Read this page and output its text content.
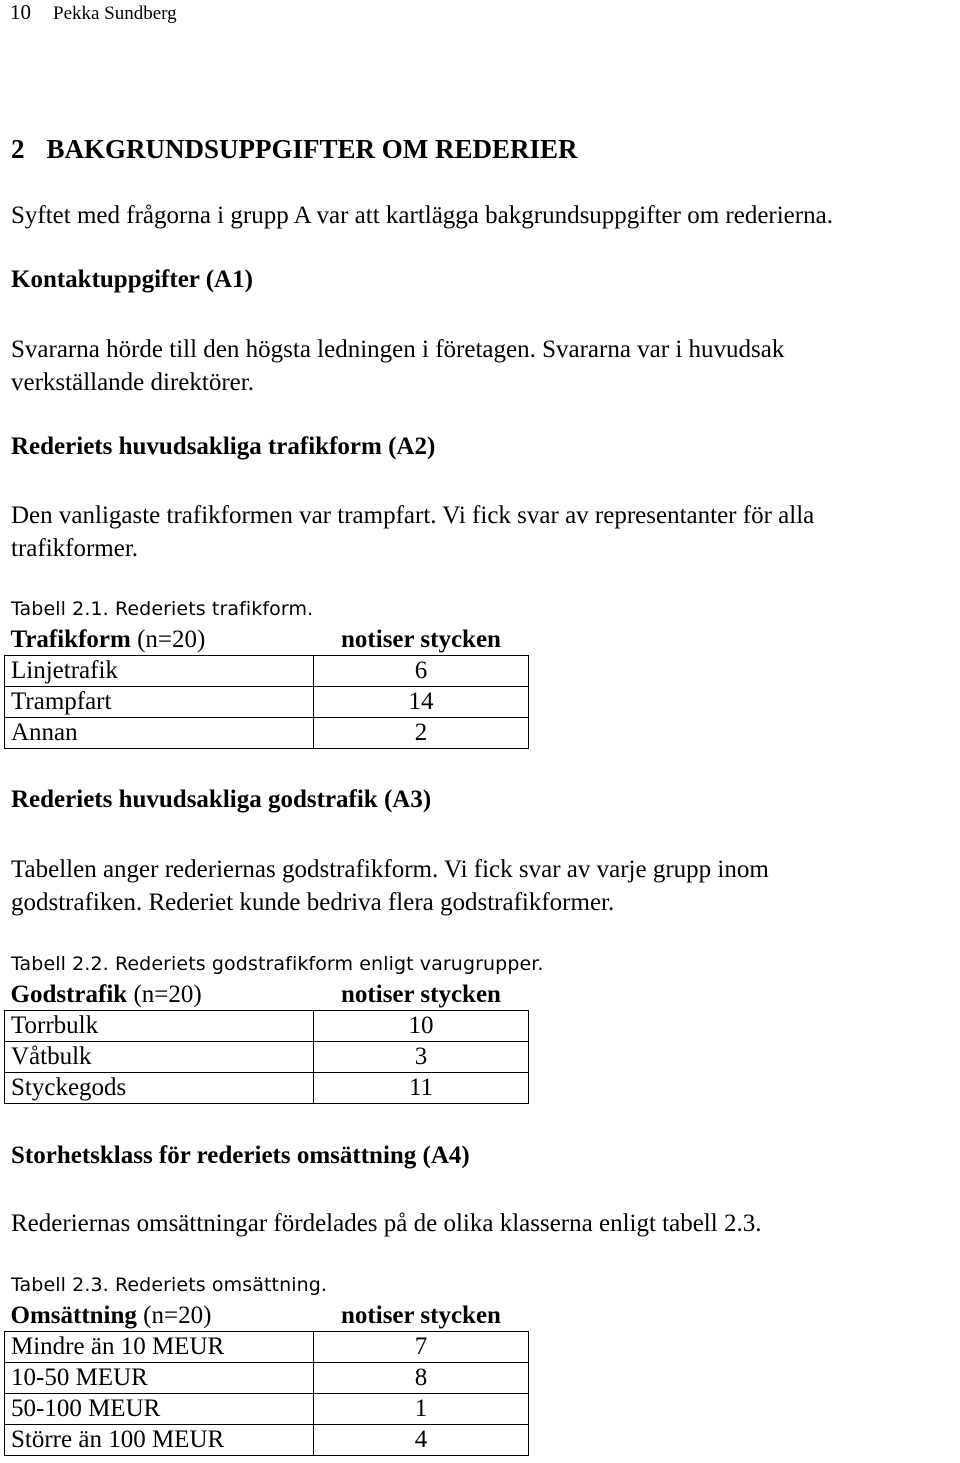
10 Pekka Sundberg
2 BAKGRUNDSUPPGIFTER OM REDERIER
Syftet med frågorna i grupp A var att kartlägga bakgrundsuppgifter om rederierna.
Kontaktuppgifter (A1)
Svararna hörde till den högsta ledningen i företagen. Svararna var i huvudsak
verkställande direktörer.
Rederiets huvudsakliga trafikform (A2)
Den vanligaste trafikformen var trampfart. Vi fick svar av representanter för alla
trafikformer.
Tabell 2.1. Rederiets trafikform.
Trafikform (n=20)	notiser stycken
Linjetrafik	6
Trampfart	14
Annan	2
Rederiets huvudsakliga godstrafik (A3)
Tabellen anger rederiernas godstrafikform. Vi fick svar av varje grupp inom
godstrafiken. Rederiet kunde bedriva flera godstrafikformer.
Tabell 2.2. Rederiets godstrafikform enligt varugrupper.
Godstrafik (n=20)	notiser stycken
Torrbulk	10
Våtbulk	3
Styckegods	11
Storhetsklass för rederiets omsättning (A4)
Rederiernas omsättningar fördelades på de olika klasserna enligt tabell 2.3.
Tabell 2.3. Rederiets omsättning.
Omsättning (n=20)	notiser stycken
Mindre än 10 MEUR	7
10-50 MEUR	8
50-100 MEUR	1
Större än 100 MEUR	4
